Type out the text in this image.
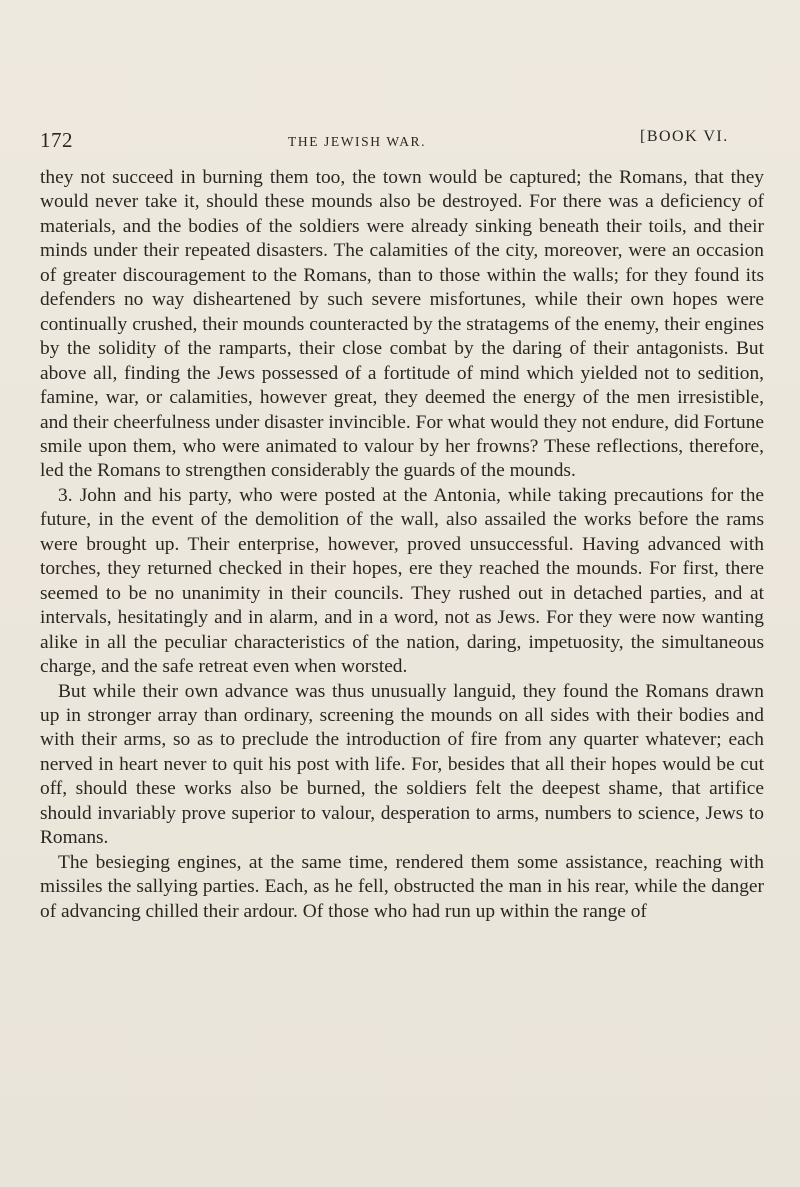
172	THE JEWISH WAR.	[BOOK VI.

they not succeed in burning them too, the town would be captured; the Romans, that they would never take it, should these mounds also be destroyed. For there was a deficiency of materials, and the bodies of the soldiers were already sinking beneath their toils, and their minds under their repeated disasters. The calamities of the city, moreover, were an occasion of greater discouragement to the Romans, than to those within the walls; for they found its defenders no way disheartened by such severe misfortunes, while their own hopes were continually crushed, their mounds counteracted by the stratagems of the enemy, their engines by the solidity of the ramparts, their close combat by the daring of their antagonists. But above all, finding the Jews possessed of a fortitude of mind which yielded not to sedition, famine, war, or calamities, however great, they deemed the energy of the men irresistible, and their cheerfulness under disaster invincible. For what would they not endure, did Fortune smile upon them, who were animated to valour by her frowns? These reflections, therefore, led the Romans to strengthen considerably the guards of the mounds.

3. John and his party, who were posted at the Antonia, while taking precautions for the future, in the event of the demolition of the wall, also assailed the works before the rams were brought up. Their enterprise, however, proved unsuccessful. Having advanced with torches, they returned checked in their hopes, ere they reached the mounds. For first, there seemed to be no unanimity in their councils. They rushed out in detached parties, and at intervals, hesitatingly and in alarm, and in a word, not as Jews. For they were now wanting alike in all the peculiar characteristics of the nation, daring, impetuosity, the simultaneous charge, and the safe retreat even when worsted.

But while their own advance was thus unusually languid, they found the Romans drawn up in stronger array than ordinary, screening the mounds on all sides with their bodies and with their arms, so as to preclude the introduction of fire from any quarter whatever; each nerved in heart never to quit his post with life. For, besides that all their hopes would be cut off, should these works also be burned, the soldiers felt the deepest shame, that artifice should invariably prove superior to valour, desperation to arms, numbers to science, Jews to Romans.

The besieging engines, at the same time, rendered them some assistance, reaching with missiles the sallying parties. Each, as he fell, obstructed the man in his rear, while the danger of advancing chilled their ardour. Of those who had run up within the range of
